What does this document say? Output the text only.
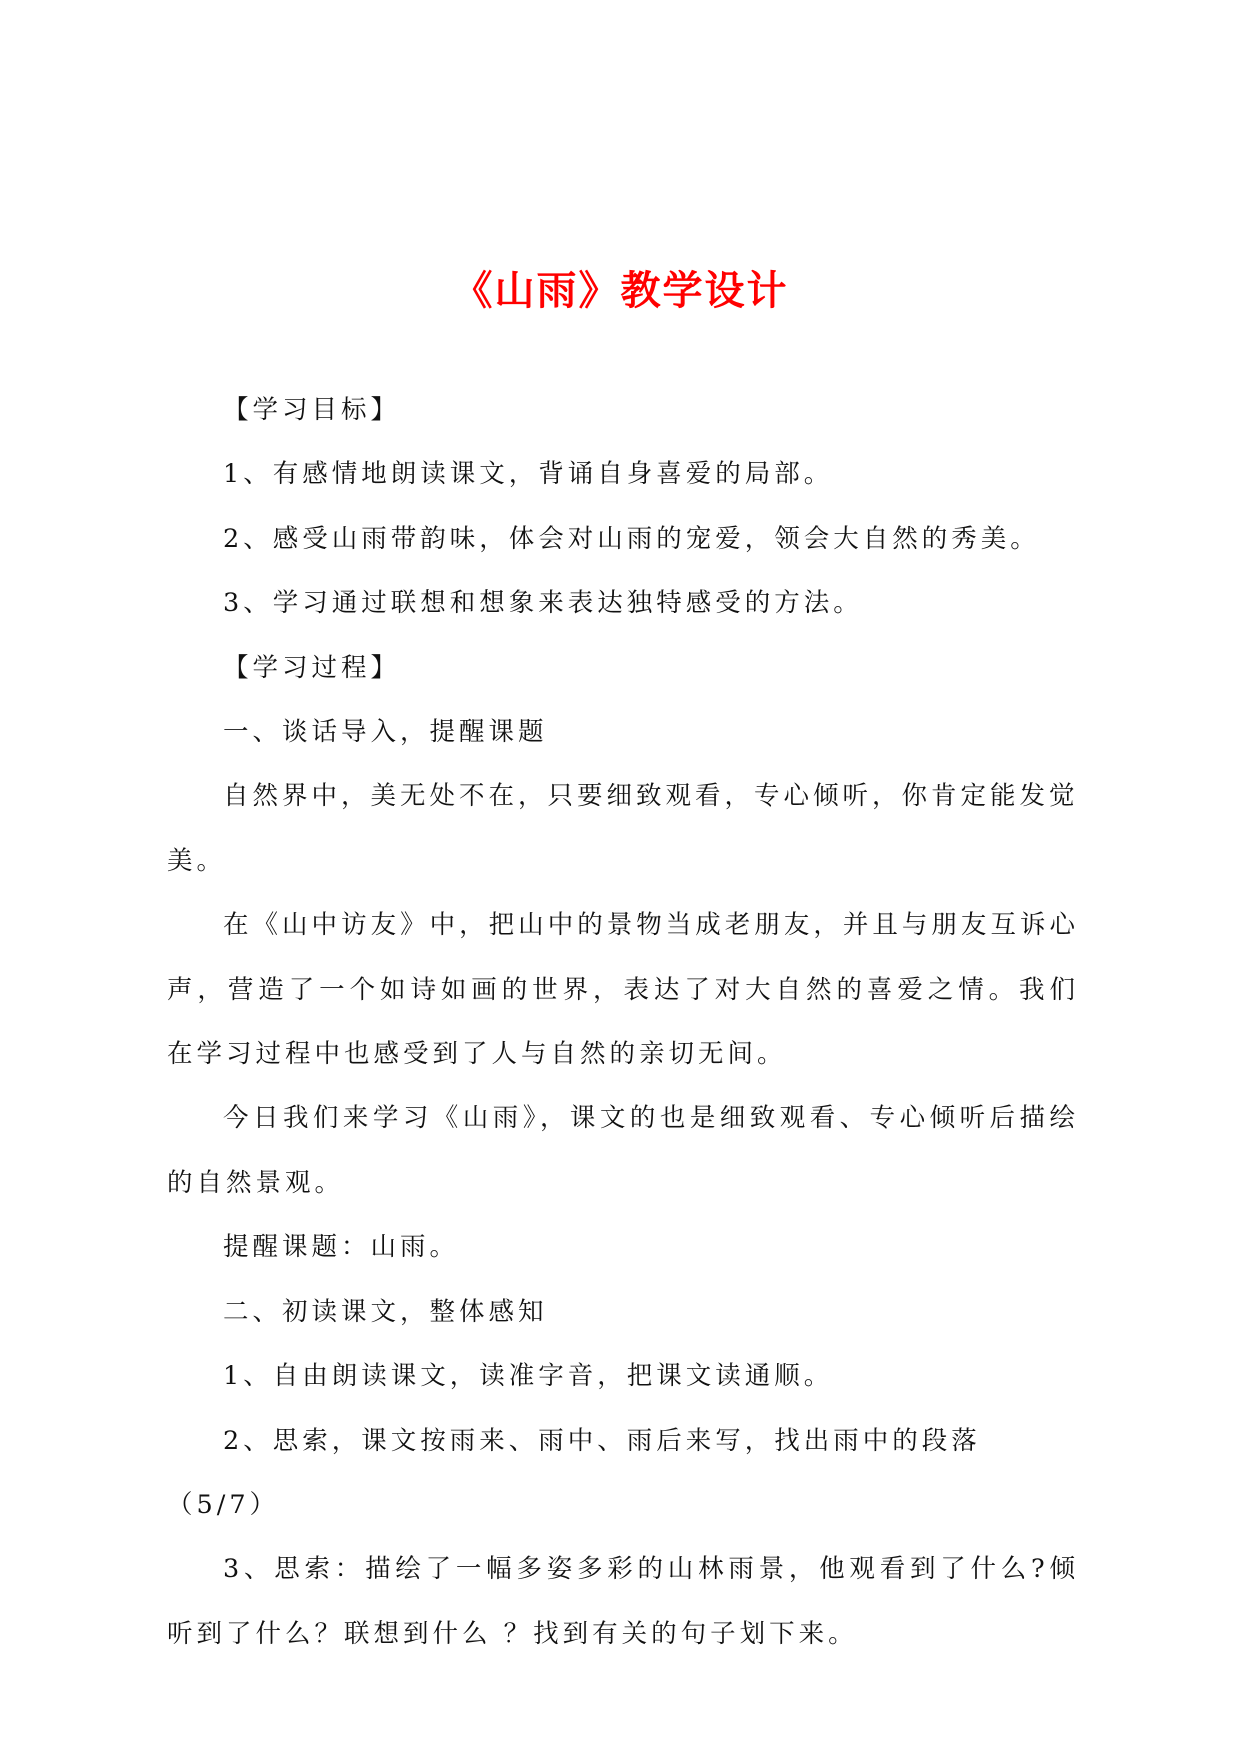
《山雨》教学设计

【学习目标】

1、有感情地朗读课文，背诵自身喜爱的局部。

2、感受山雨带韵味，体会对山雨的宠爱，领会大自然的秀美。

3、学习通过联想和想象来表达独特感受的方法。

【学习过程】

一、谈话导入，提醒课题

自然界中，美无处不在，只要细致观看，专心倾听，你肯定能发觉美。

在《山中访友》中，把山中的景物当成老朋友，并且与朋友互诉心声，营造了一个如诗如画的世界，表达了对大自然的喜爱之情。我们在学习过程中也感受到了人与自然的亲切无间。

今日我们来学习《山雨》，课文的也是细致观看、专心倾听后描绘的自然景观。

提醒课题：山雨。

二、初读课文，整体感知

1、自由朗读课文，读准字音，把课文读通顺。

2、思索，课文按雨来、雨中、雨后来写，找出雨中的段落（5/7）

3、思索：描绘了一幅多姿多彩的山林雨景，他观看到了什么?倾听到了什么？联想到什么 ？找到有关的句子划下来。
